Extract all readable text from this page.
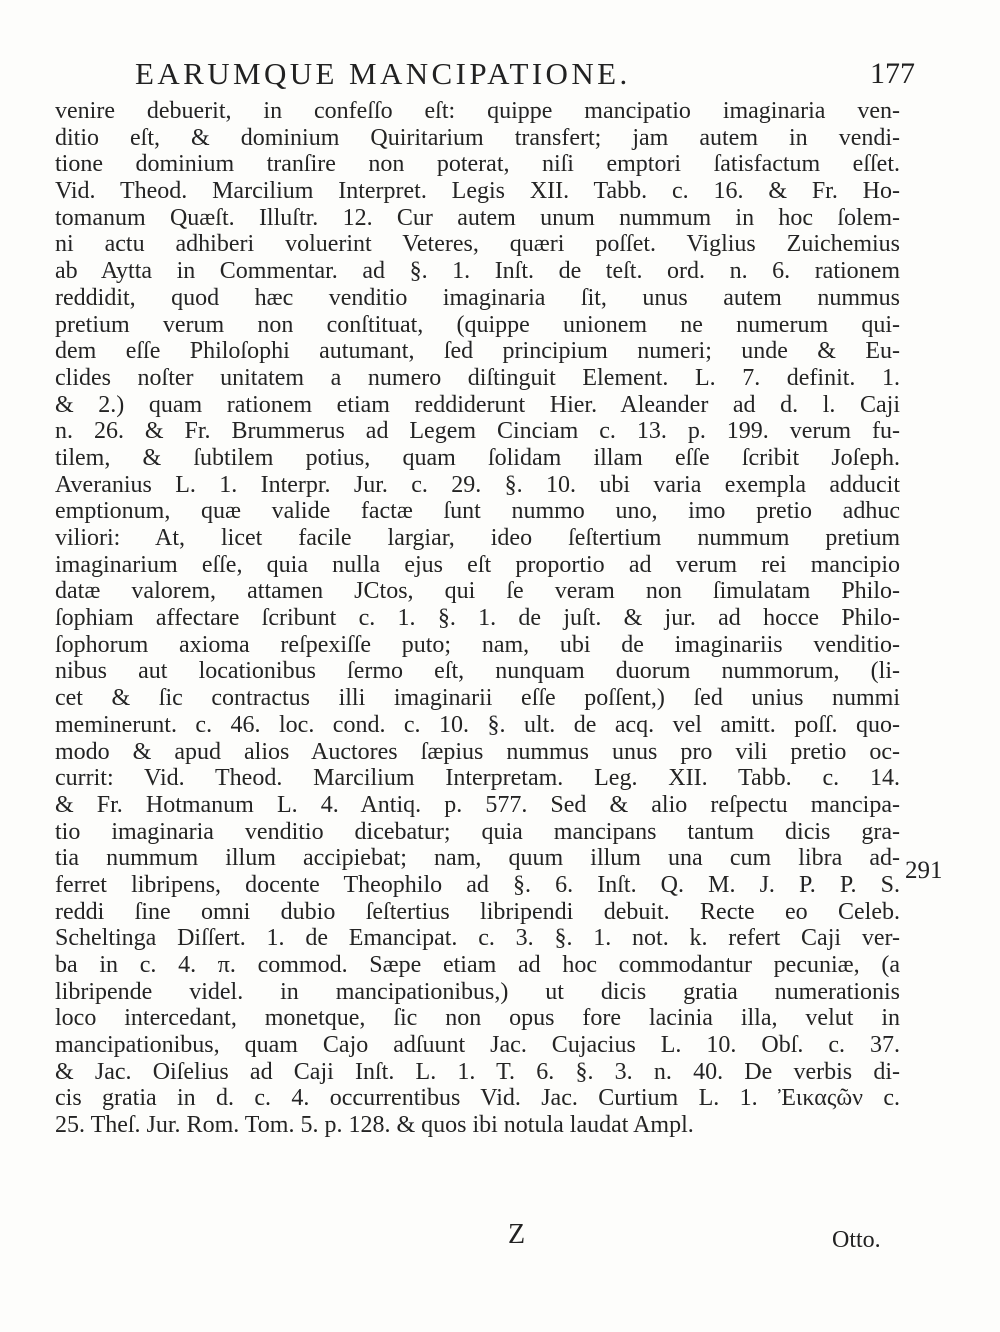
EARUMQUE MANCIPATIONE.	177
venire debuerit, in confeſſo eſt: quippe mancipatio imaginaria ven-
ditio eſt, & dominium Quiritarium transfert; jam autem in vendi-
tione dominium tranſire non poterat, niſi emptori ſatisfactum eſſet.
Vid. Theod. Marcilium Interpret. Legis XII. Tabb. c. 16. & Fr. Ho-
tomanum Quæſt. Illuſtr. 12. Cur autem unum nummum in hoc ſolem-
ni actu adhiberi voluerint Veteres, quæri poſſet. Viglius Zuichemius
ab Aytta in Commentar. ad §. 1. Inſt. de teſt. ord. n. 6. rationem
reddidit, quod hæc venditio imaginaria ſit, unus autem nummus
pretium verum non conſtituat, (quippe unionem ne numerum qui-
dem eſſe Philoſophi autumant, ſed principium numeri; unde & Eu-
clides noſter unitatem a numero diſtinguit Element. L. 7. definit. 1.
& 2.) quam rationem etiam reddiderunt Hier. Aleander ad d. l. Caji
n. 26. & Fr. Brummerus ad Legem Cinciam c. 13. p. 199. verum fu-
tilem, & ſubtilem potius, quam ſolidam illam eſſe ſcribit Joſeph.
Averanius L. 1. Interpr. Jur. c. 29. §. 10. ubi varia exempla adducit
emptionum, quæ valide factæ ſunt nummo uno, imo pretio adhuc
viliori: At, licet facile largiar, ideo ſeſtertium nummum pretium
imaginarium eſſe, quia nulla ejus eſt proportio ad verum rei mancipio
datæ valorem, attamen JCtos, qui ſe veram non ſimulatam Philo-
ſophiam affectare ſcribunt c. 1. §. 1. de juſt. & jur. ad hocce Philo-
ſophorum axioma reſpexiſſe puto; nam, ubi de imaginariis venditio-
nibus aut locationibus ſermo eſt, nunquam duorum nummorum, (li-
cet & ſic contractus illi imaginarii eſſe poſſent,) ſed unius nummi
meminerunt. c. 46. loc. cond. c. 10. §. ult. de acq. vel amitt. poſſ. quo-
modo & apud alios Auctores ſæpius nummus unus pro vili pretio oc-
currit: Vid. Theod. Marcilium Interpretam. Leg. XII. Tabb. c. 14.
& Fr. Hotmanum L. 4. Antiq. p. 577. Sed & alio reſpectu mancipa-
tio imaginaria venditio dicebatur; quia mancipans tantum dicis gra-
tia nummum illum accipiebat; nam, quum illum una cum libra ad-
ferret libripens, docente Theophilo ad §. 6. Inſt. Q. M. J. P. P. S.
reddi ſine omni dubio ſeſtertius libripendi debuit. Recte eo Celeb.
Scheltinga Diſſert. 1. de Emancipat. c. 3. §. 1. not. k. refert Caji ver-
ba in c. 4. π. commod. Sæpe etiam ad hoc commodantur pecuniæ, (a
libripende videl. in mancipationibus,) ut dicis gratia numerationis
loco intercedant, monetque, ſic non opus fore lacinia illa, velut in
mancipationibus, quam Cajo adſuunt Jac. Cujacius L. 10. Obſ. c. 37.
& Jac. Oiſelius ad Caji Inſt. L. 1. T. 6. §. 3. n. 40. De verbis di-
cis gratia in d. c. 4. occurrentibus Vid. Jac. Curtium L. 1. Ἐικαςῶν c.
25. Theſ. Jur. Rom. Tom. 5. p. 128. & quos ibi notula laudat Ampl.
291
Z	Otto.
